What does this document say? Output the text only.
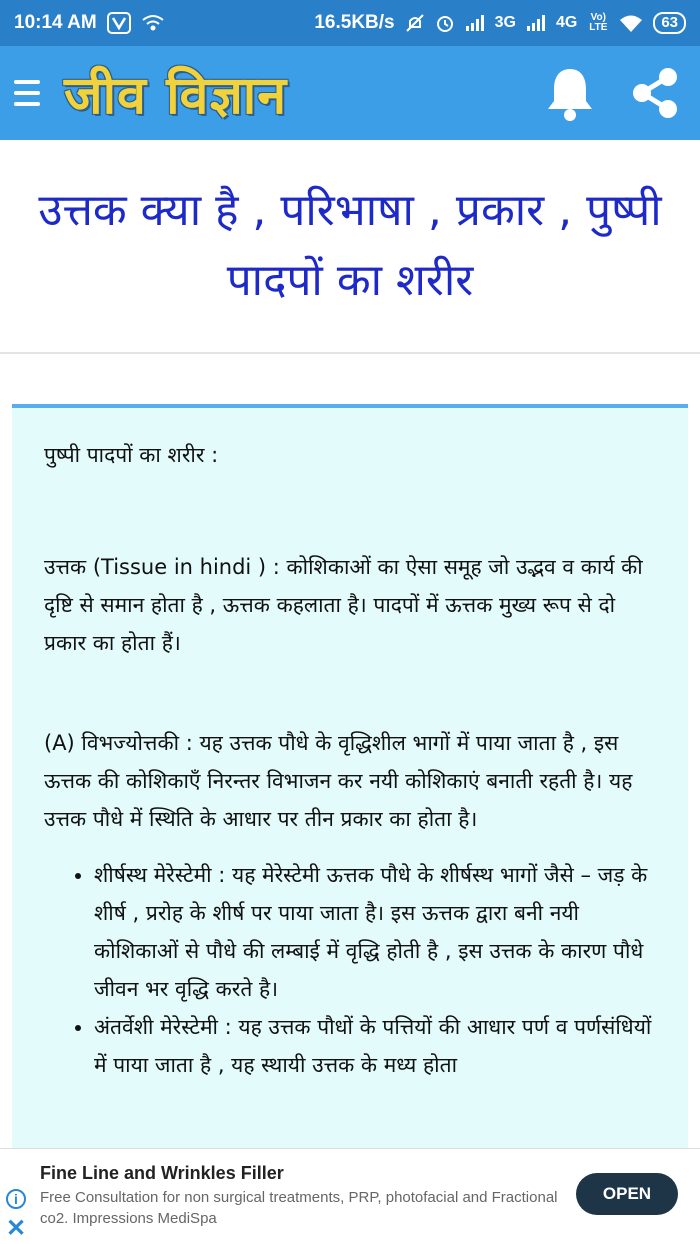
10:14 AM	16.5KB/s	3G	4G	Vo) LTE	63
जीव विज्ञान
उत्तक क्या है , परिभाषा , प्रकार , पुष्पी पादपों का शरीर

पुष्पी पादपों का शरीर :

उत्तक (Tissue in hindi ) : कोशिकाओं का ऐसा समूह जो उद्भव व कार्य की दृष्टि से समान होता है , ऊत्तक कहलाता है। पादपों में ऊत्तक मुख्य रूप से दो प्रकार का होता हैं।

(A) विभज्योत्तकी : यह उत्तक पौधे के वृद्धिशील भागों में पाया जाता है , इस ऊत्तक की कोशिकाएँ निरन्तर विभाजन कर नयी कोशिकाएं बनाती रहती है। यह उत्तक पौधे में स्थिति के आधार पर तीन प्रकार का होता है।

• शीर्षस्थ मेरेस्टेमी : यह मेरेस्टेमी ऊत्तक पौधे के शीर्षस्थ भागों जैसे – जड़ के शीर्ष , प्ररोह के शीर्ष पर पाया जाता है। इस ऊत्तक द्वारा बनी नयी कोशिकाओं से पौधे की लम्बाई में वृद्धि होती है , इस उत्तक के कारण पौधे जीवन भर वृद्धि करते है।
• अंतर्वेशी मेरेस्टेमी : यह उत्तक पौधों के पत्तियों की आधार पर्ण व पर्णसंधियों में पाया जाता है , यह स्थायी उत्तक के मध्य होता
i
✕
Fine Line and Wrinkles Filler
Free Consultation for non surgical treatments, PRP, photofacial and Fractional co2. Impressions MediSpa
OPEN
